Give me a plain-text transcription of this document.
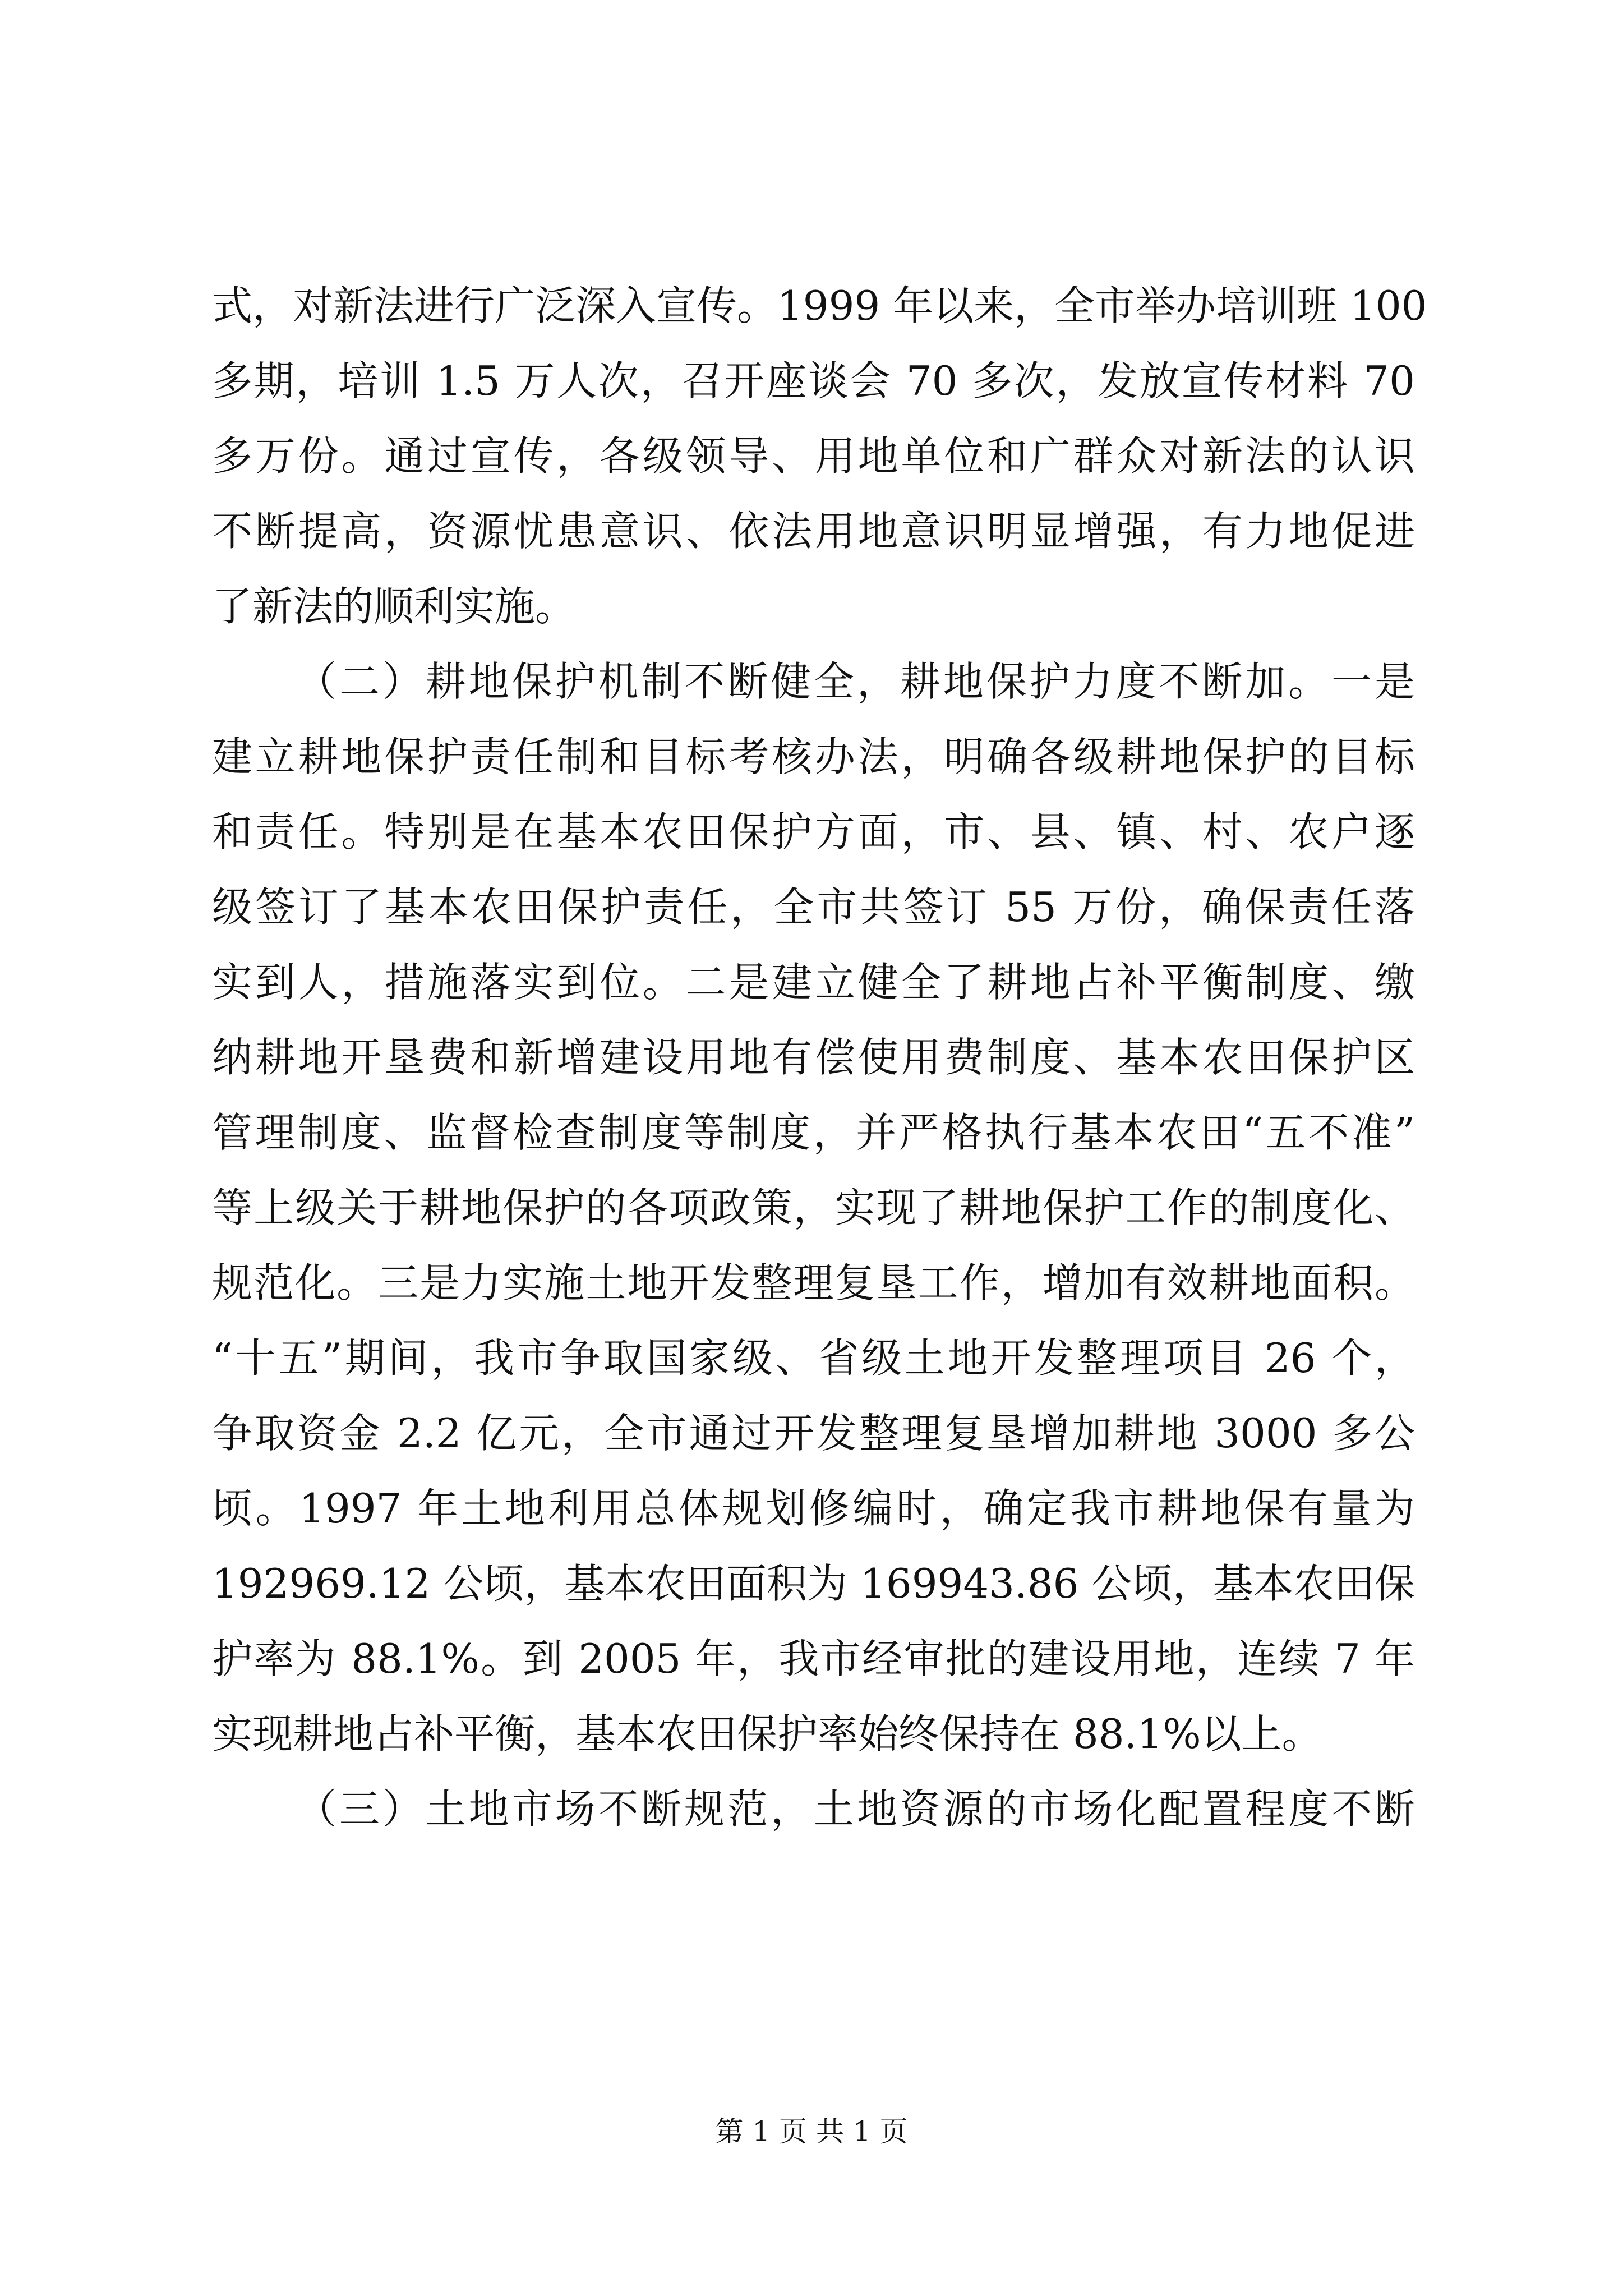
式，对新法进行广泛深入宣传。1999 年以来，全市举办培训班 100
多期，培训 1.5 万人次，召开座谈会 70 多次，发放宣传材料 70
多万份。通过宣传，各级领导、用地单位和广群众对新法的认识
不断提高，资源忧患意识、依法用地意识明显增强，有力地促进
了新法的顺利实施。
（二）耕地保护机制不断健全，耕地保护力度不断加。一是
建立耕地保护责任制和目标考核办法，明确各级耕地保护的目标
和责任。特别是在基本农田保护方面，市、县、镇、村、农户逐
级签订了基本农田保护责任，全市共签订 55 万份，确保责任落
实到人，措施落实到位。二是建立健全了耕地占补平衡制度、缴
纳耕地开垦费和新增建设用地有偿使用费制度、基本农田保护区
管理制度、监督检查制度等制度，并严格执行基本农田“五不准”
等上级关于耕地保护的各项政策，实现了耕地保护工作的制度化、
规范化。三是力实施土地开发整理复垦工作，增加有效耕地面积。
“十五”期间，我市争取国家级、省级土地开发整理项目 26 个，
争取资金 2.2 亿元，全市通过开发整理复垦增加耕地 3000 多公
顷。1997 年土地利用总体规划修编时，确定我市耕地保有量为
192969.12 公顷，基本农田面积为 169943.86 公顷，基本农田保
护率为 88.1%。到 2005 年，我市经审批的建设用地，连续 7 年
实现耕地占补平衡，基本农田保护率始终保持在 88.1%以上。
（三）土地市场不断规范，土地资源的市场化配置程度不断
第 1 页 共 1 页
